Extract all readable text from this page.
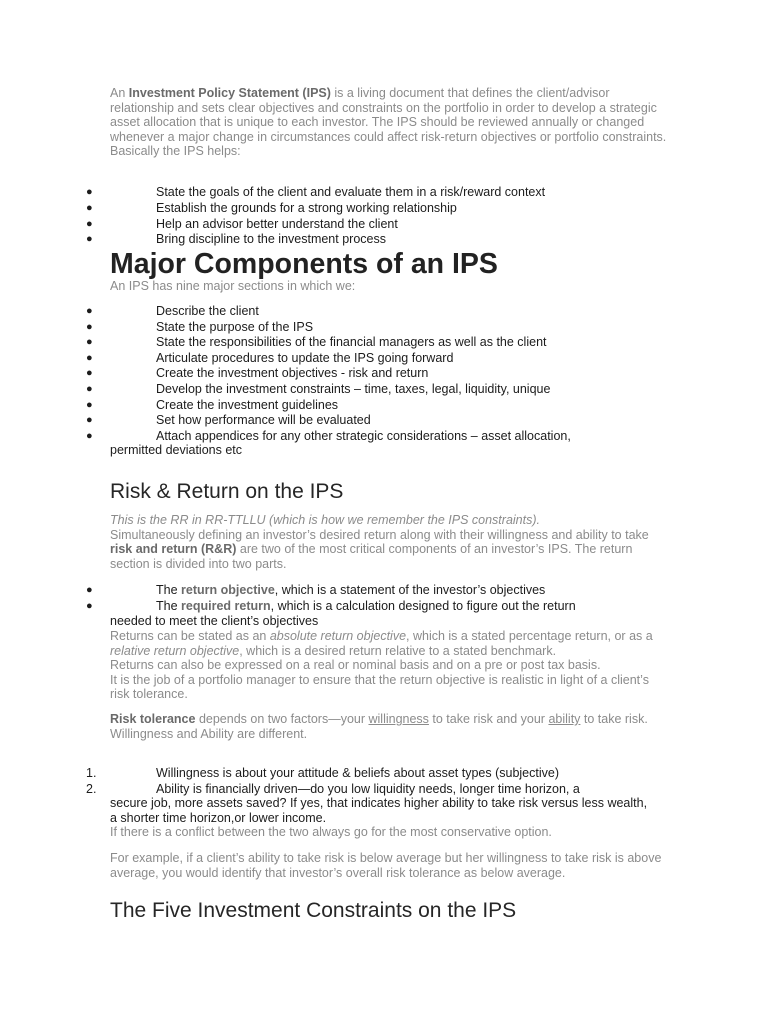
An Investment Policy Statement (IPS) is a living document that defines the client/advisor relationship and sets clear objectives and constraints on the portfolio in order to develop a strategic asset allocation that is unique to each investor. The IPS should be reviewed annually or changed whenever a major change in circumstances could affect risk-return objectives or portfolio constraints.

Basically the IPS helps:

●	State the goals of the client and evaluate them in a risk/reward context
●	Establish the grounds for a strong working relationship
●	Help an advisor better understand the client
●	Bring discipline to the investment process
Major Components of an IPS

An IPS has nine major sections in which we:

●	Describe the client
●	State the purpose of the IPS
●	State the responsibilities of the financial managers as well as the client
●	Articulate procedures to update the IPS going forward
●	Create the investment objectives - risk and return
●	Develop the investment constraints – time, taxes, legal, liquidity, unique
●	Create the investment guidelines
●	Set how performance will be evaluated
●	Attach appendices for any other strategic considerations – asset allocation,
permitted deviations etc
Risk & Return on the IPS

This is the RR in RR-TTLLU (which is how we remember the IPS constraints).

Simultaneously defining an investor’s desired return along with their willingness and ability to take risk and return (R&R) are two of the most critical components of an investor’s IPS. The return section is divided into two parts.

●	The return objective, which is a statement of the investor’s objectives
●	The required return, which is a calculation designed to figure out the return
needed to meet the client’s objectives

Returns can be stated as an absolute return objective, which is a stated percentage return, or as a relative return objective, which is a desired return relative to a stated benchmark.

Returns can also be expressed on a real or nominal basis and on a pre or post tax basis.

It is the job of a portfolio manager to ensure that the return objective is realistic in light of a client’s risk tolerance.

Risk tolerance depends on two factors—your willingness to take risk and your ability to take risk.

Willingness and Ability are different.

1.	Willingness is about your attitude & beliefs about asset types (subjective)
2.	Ability is financially driven—do you low liquidity needs, longer time horizon, a
secure job, more assets saved? If yes, that indicates higher ability to take risk versus less wealth, a shorter time horizon,or lower income.

If there is a conflict between the two always go for the most conservative option.

For example, if a client’s ability to take risk is below average but her willingness to take risk is above average, you would identify that investor’s overall risk tolerance as below average.

The Five Investment Constraints on the IPS
